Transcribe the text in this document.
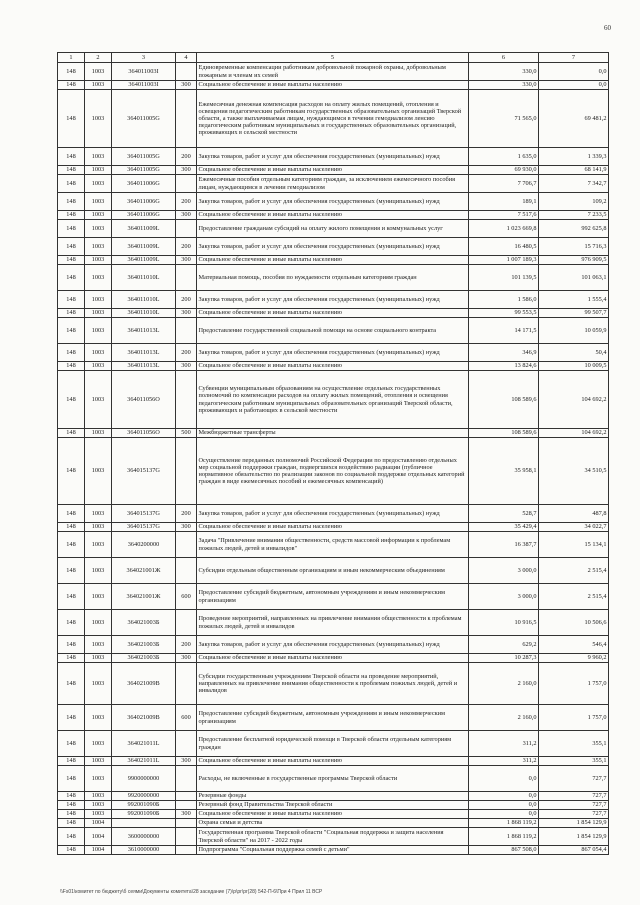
60
1	2	3	4	5	6	7
148	1003	364011003I		Единовременные компенсации работникам добровольной пожарной охраны, добровольным пожарным и членам их семей	330,0	0,0
148	1003	364011003I	300	Социальное обеспечение и иные выплаты населению	330,0	0,0
148	1003	364011005G		Ежемесячная денежная компенсация расходов на оплату жилых помещений, отопления и освещения педагогическим работникам государственных образовательных организаций Тверской области, а также выплачиваемая лицам, нуждающимся в течении гемодиализом ленсию педагогическим работникам муниципальных и государственных образовательных организаций, проживающих в сельской местности	71 565,0	69 481,2
148	1003	364011005G	200	Закупка товаров, работ и услуг для обеспечения государственных (муниципальных) нужд	1 635,0	1 339,3
148	1003	364011005G	300	Социальное обеспечение и иные выплаты населению	69 930,0	68 141,9
148	1003	364011006G		Ежемесячные пособия отдельным категориям граждан, за исключением ежемесячного пособия лицам, нуждающимся в лечении гемодиализом	7 706,7	7 342,7
148	1003	364011006G	200	Закупка товаров, работ и услуг для обеспечения государственных (муниципальных) нужд	189,1	109,2
148	1003	364011006G	300	Социальное обеспечение и иные выплаты населению	7 517,6	7 233,5
148	1003	364011009L		Предоставление гражданам субсидий на оплату жилого помещения и коммунальных услуг	1 023 669,8	992 625,8
148	1003	364011009L	200	Закупка товаров, работ и услуг для обеспечения государственных (муниципальных) нужд	16 480,5	15 716,3
148	1003	364011009L	300	Социальное обеспечение и иные выплаты населению	1 007 189,3	976 909,5
148	1003	364011010L		Материальная помощь, пособия по нуждаемости отдельным категориям граждан	101 139,5	101 063,1
148	1003	364011010L	200	Закупка товаров, работ и услуг для обеспечения государственных (муниципальных) нужд	1 586,0	1 555,4
148	1003	364011010L	300	Социальное обеспечение и иные выплаты населению	99 553,5	99 507,7
148	1003	364011013L		Предоставление государственной социальной помощи на основе социального контракта	14 171,5	10 059,9
148	1003	364011013L	200	Закупка товаров, работ и услуг для обеспечения государственных (муниципальных) нужд	346,9	50,4
148	1003	364011013L	300	Социальное обеспечение и иные выплаты населению	13 824,6	10 009,5
148	1003	364011056O		Субвенции муниципальным образованиям на осуществление отдельных государственных полномочий по компенсации расходов на оплату жилых помещений, отопления и освещения педагогическим работникам муниципальных образовательных организаций Тверской области, проживающих и работающих в сельской местности	108 589,6	104 692,2
148	1003	364011056O	500	Межбюджетные трансферты	108 589,6	104 692,2
148	1003	364015137G		Осуществление переданных полномочий Российской Федерации по предоставлению отдельных мер социальной поддержки граждан, подвергшихся воздействию радиации (публичное нормативное обязательство по реализации законов по социальной поддержке отдельных категорий граждан в виде ежемесячных пособий и ежемесячных компенсаций)	35 958,1	34 510,5
148	1003	364015137G	200	Закупка товаров, работ и услуг для обеспечения государственных (муниципальных) нужд	528,7	487,8
148	1003	364015137G	300	Социальное обеспечение и иные выплаты населению	35 429,4	34 022,7
148	1003	3640200000		Задача "Привлечение внимания общественности, средств массовой информации к проблемам пожилых людей, детей и инвалидов"	16 387,7	15 134,1
148	1003	364021001Ж		Субсидии отдельным общественным организациям и иным некоммерческим объединениям	3 000,0	2 515,4
148	1003	364021001Ж	600	Предоставление субсидий бюджетным, автономным учреждениям и иным некоммерческим организациям	3 000,0	2 515,4
148	1003	364021003Б		Проведение мероприятий, направленных на привлечение внимания общественности к проблемам пожилых людей, детей и инвалидов	10 916,5	10 506,6
148	1003	364021003Б	200	Закупка товаров, работ и услуг для обеспечения государственных (муниципальных) нужд	629,2	546,4
148	1003	364021003Б	300	Социальное обеспечение и иные выплаты населению	10 287,3	9 960,2
148	1003	364021009В		Субсидии государственным учреждениям Тверской области на проведение мероприятий, направленных на привлечение внимания общественности к проблемам пожилых людей, детей и инвалидов	2 160,0	1 757,0
148	1003	364021009В	600	Предоставление субсидий бюджетным, автономным учреждениям и иным некоммерческим организациям	2 160,0	1 757,0
148	1003	364021011L		Предоставление бесплатной юридической помощи в Тверской области отдельным категориям граждан	311,2	355,1
148	1003	364021011L	300	Социальное обеспечение и иные выплаты населению	311,2	355,1
148	1003	9900000000		Расходы, не включенные в государственные программы Тверской области	0,0	727,7
148	1003	9920000000		Резервные фонды	0,0	727,7
148	1003	992001090Б		Резервный фонд Правительства Тверской области	0,0	727,7
148	1003	992001090Б	300	Социальное обеспечение и иные выплаты населению	0,0	727,7
148	1004			Охрана семьи и детства	1 868 119,2	1 854 129,9
148	1004	3600000000		Государственная программа Тверской области "Социальная поддержка и защита населения Тверской области" на 2017 - 2022 годы	1 868 119,2	1 854 129,9
148	1004	3610000000		Подпрограмма "Социальная поддержка семей с детьми"	867 508,0	867 054,4
\\Fs01\комитет по бюджету\б сеями\Документы комитета\28 заседание (7)\p\pr\pr(28) 542-П-6\При 4 Прил 11 ВСР
